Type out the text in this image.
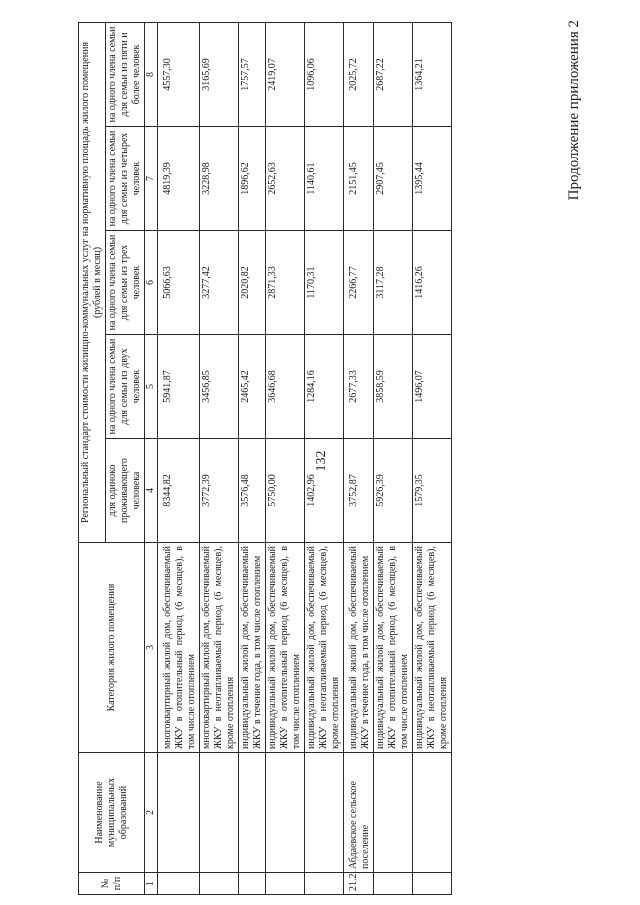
132
Продолжение приложения 2
№ п/п	Наименование муниципальных образований	Категория жилого помещения	Региональный стандарт стоимости жилищно-коммунальных услуг на нормативную площадь жилого помещения (рублей в месяц)				
			для одиноко проживающего человека	на одного члена семьи для семьи из двух человек	на одного члена семьи для семьи из трех человек	на одного члена семьи для семьи из четырех человек	на одного члена семьи для семьи из пяти и более человек
1	2	3	4	5	6	7	8
		многоквартирный жилой дом, обеспечиваемый ЖКУ в отопительный период (6 месяцев), в том числе отоплением	8344,82	5941,87	5066,63	4819,39	4557,30
		многоквартирный жилой дом, обеспечиваемый ЖКУ в неотапливаемый период (6 месяцев), кроме отопления	3772,39	3456,85	3277,42	3228,98	3165,69
		индивидуальный жилой дом, обеспечиваемый ЖКУ в течение года, в том числе отоплением	3576,48	2465,42	2020,82	1896,62	1757,57
		индивидуальный жилой дом, обеспечиваемый ЖКУ в отопительный период (6 месяцев), в том числе отоплением	5750,00	3646,68	2871,33	2652,63	2419,07
		индивидуальный жилой дом, обеспечиваемый ЖКУ в неотапливаемый период (6 месяцев), кроме отопления	1402,96	1284,16	1170,31	1140,61	1096,06
21.2.	Абдаевское сельское поселение	индивидуальный жилой дом, обеспечиваемый ЖКУ в течение года, в том числе отоплением	3752,87	2677,33	2266,77	2151,45	2025,72
		индивидуальный жилой дом, обеспечиваемый ЖКУ в отопительный период (6 месяцев), в том числе отоплением	5926,39	3858,59	3117,28	2907,45	2687,22
		индивидуальный жилой дом, обеспечиваемый ЖКУ в неотапливаемый период (6 месяцев), кроме отопления	1579,35	1496,07	1416,26	1395,44	1364,21
